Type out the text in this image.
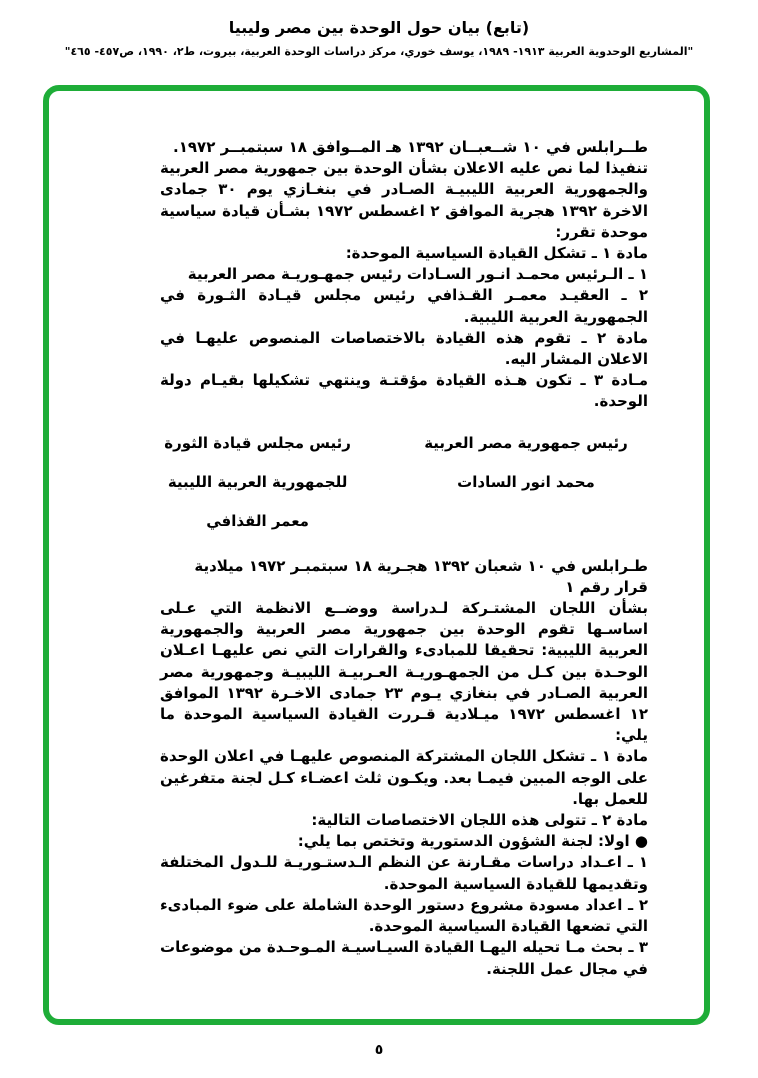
(تابع) بيان حول الوحدة بين مصر وليبيا
"المشاريع الوحدوية العربية ١٩١٣- ١٩٨٩، يوسف خوري، مركز دراسات الوحدة العربية، بيروت، ط٢، ١٩٩٠، ص٤٥٧- ٤٦٥"

طــرابلس في ١٠ شــعبــان ١٣٩٢ هـ المــوافق ١٨ سبتمبــر ١٩٧٢.

تنفيذا لما نص عليه الاعلان بشأن الوحدة بين جمهورية مصر العربية والجمهورية العربية الليبيـة الصـادر في بنغـازي يوم ٣٠ جمادى الاخرة ١٣٩٢ هجرية الموافق ٢ اغسطس ١٩٧٢ بشـأن قيادة سياسية موحدة تقرر:

مادة ١ ـ تشكل القيادة السياسية الموحدة:

١ ـ الـرئيس محمـد انـور السـادات رئيس جمهـوريـة مصر العربية

٢ ـ العقيـد معمـر القـذافي رئيس مجلس قيـادة الثـورة في الجمهورية العربية الليبية.

مادة ٢ ـ تقوم هذه القيادة بالاختصاصات المنصوص عليهـا في الاعلان المشار اليه.

مـادة ٣ ـ تكون هـذه القيادة مؤقتـة وينتهي تشكيلها بقيـام دولة الوحدة.

رئيس جمهورية مصر العربية

محمد انور السادات

رئيس مجلس قيادة الثورة

للجمهورية العربية الليبية

معمر القذافي

طـرابلس في ١٠ شعبان ١٣٩٢ هجـرية ١٨ سبتمبـر ١٩٧٢ ميلادية

قرار رقم ١

بشأن اللجان المشتـركة لـدراسة ووضــع الانظمة التي عـلى اساسـها تقوم الوحدة بين جمهورية مصر العربية والجمهورية العربية الليبية: تحقيقا للمبادىء والقرارات التي نص عليهـا اعـلان الوحـدة بين كـل من الجمهـوريـة العـربيـة الليبيـة وجمهورية مصر العربية الصـادر في بنغازي يـوم ٢٣ جمادى الاخـرة ١٣٩٢ الموافق ١٢ اغسطس ١٩٧٢ ميـلادية قـررت القيادة السياسية الموحدة ما يلي:

مادة ١ ـ تشكل اللجان المشتركة المنصوص عليهـا في اعلان الوحدة على الوجه المبين فيمـا بعد. ويكـون ثلث اعضـاء كـل لجنة متفرغين للعمل بها.

مادة ٢ ـ تتولى هذه اللجان الاختصاصات التالية:

● اولا: لجنة الشؤون الدستورية وتختص بما يلي:

١ ـ اعـداد دراسات مقـارنة عن النظم الـدستـوريـة للـدول المختلفة وتقديمها للقيادة السياسية الموحدة.

٢ ـ اعداد مسودة مشروع دستور الوحدة الشاملة على ضوء المبادىء التي تضعها القيادة السياسية الموحدة.

٣ ـ بحث مـا تحيله اليهـا القيادة السيـاسيـة المـوحـدة من موضوعات في مجال عمل اللجنة.

٥
